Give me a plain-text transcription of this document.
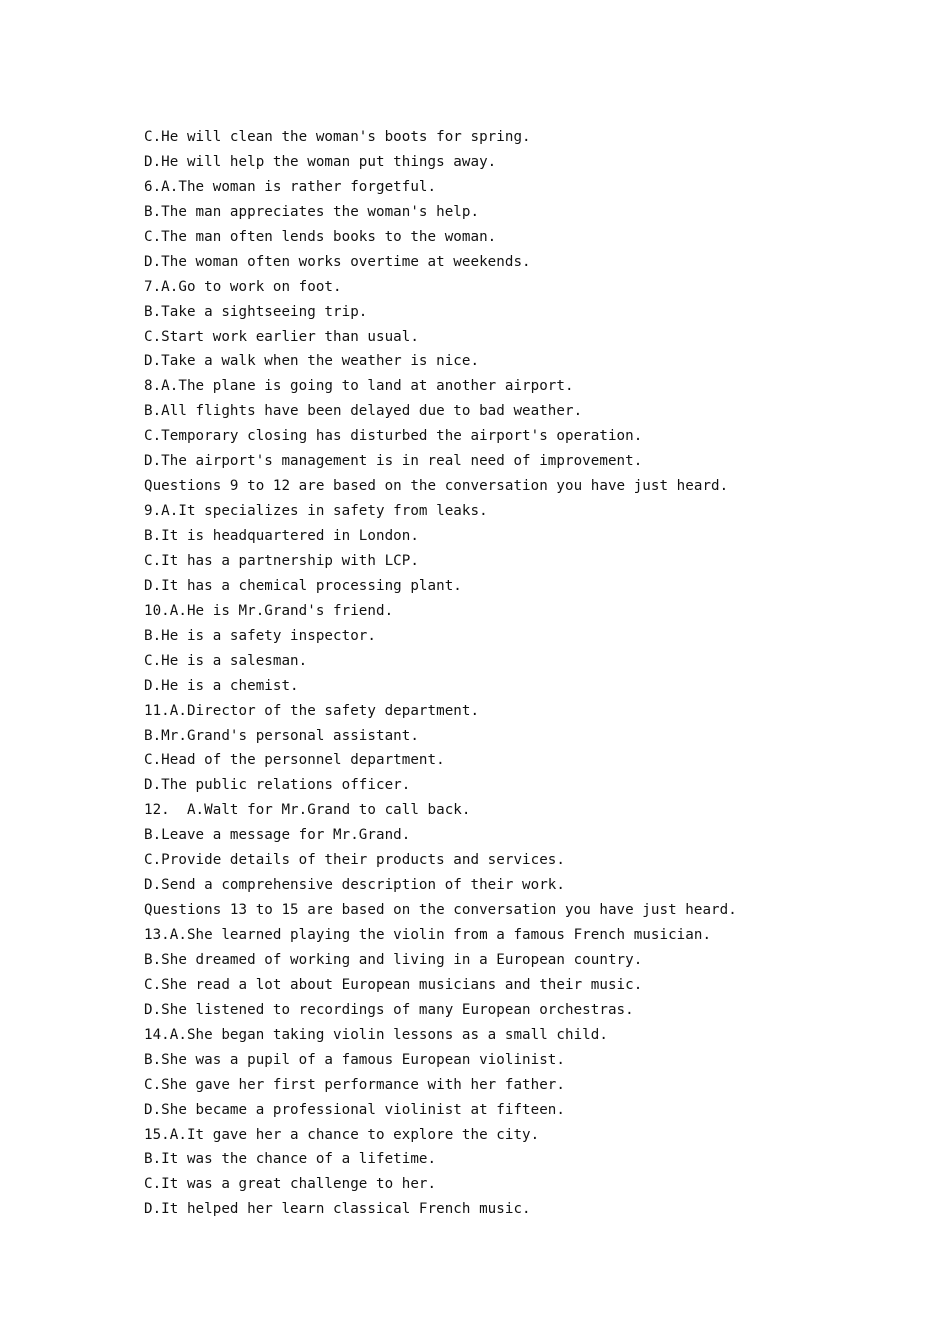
C.He will clean the woman's boots for spring.
D.He will help the woman put things away.
6.A.The woman is rather forgetful.
B.The man appreciates the woman's help.
C.The man often lends books to the woman.
D.The woman often works overtime at weekends.
7.A.Go to work on foot.
B.Take a sightseeing trip.
C.Start work earlier than usual.
D.Take a walk when the weather is nice.
8.A.The plane is going to land at another airport.
B.All flights have been delayed due to bad weather.
C.Temporary closing has disturbed the airport's operation.
D.The airport's management is in real need of improvement.
Questions 9 to 12 are based on the conversation you have just heard.
9.A.It specializes in safety from leaks.
B.It is headquartered in London.
C.It has a partnership with LCP.
D.It has a chemical processing plant.
10.A.He is Mr.Grand's friend.
B.He is a safety inspector.
C.He is a salesman.
D.He is a chemist.
11.A.Director of the safety department.
B.Mr.Grand's personal assistant.
C.Head of the personnel department.
D.The public relations officer.
12.  A.Walt for Mr.Grand to call back.
B.Leave a message for Mr.Grand.
C.Provide details of their products and services.
D.Send a comprehensive description of their work.
Questions 13 to 15 are based on the conversation you have just heard.
13.A.She learned playing the violin from a famous French musician.
B.She dreamed of working and living in a European country.
C.She read a lot about European musicians and their music.
D.She listened to recordings of many European orchestras.
14.A.She began taking violin lessons as a small child.
B.She was a pupil of a famous European violinist.
C.She gave her first performance with her father.
D.She became a professional violinist at fifteen.
15.A.It gave her a chance to explore the city.
B.It was the chance of a lifetime.
C.It was a great challenge to her.
D.It helped her learn classical French music.
